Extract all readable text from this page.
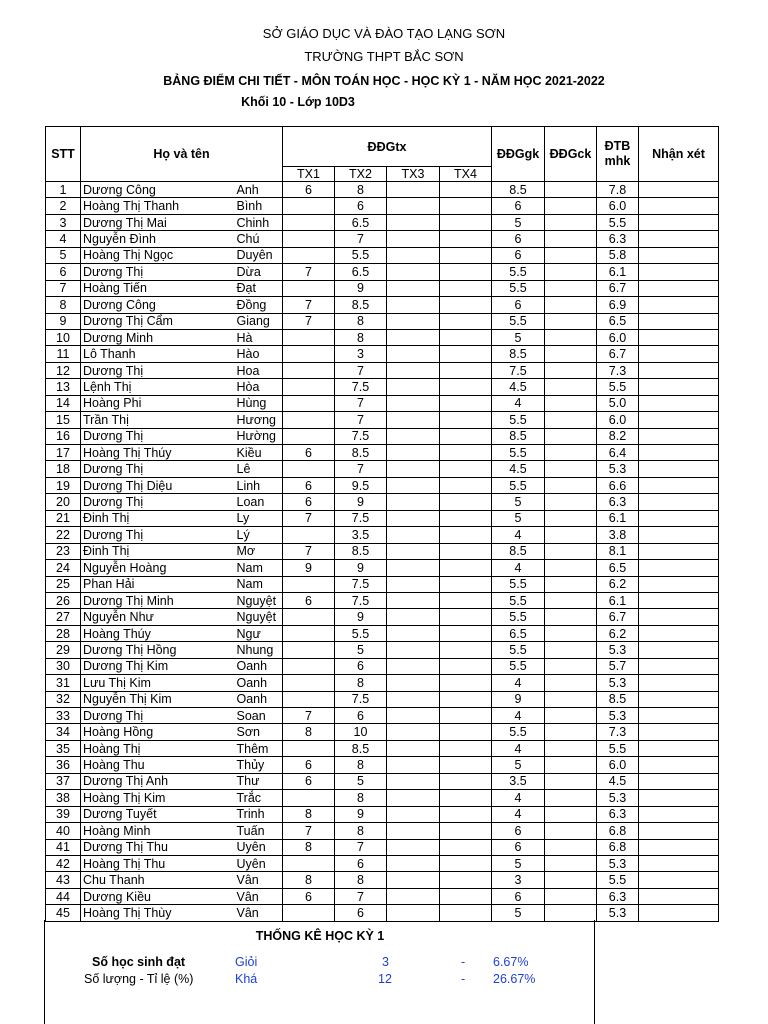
SỞ GIÁO DỤC VÀ ĐÀO TẠO LẠNG SƠN
TRƯỜNG THPT BẮC SƠN
BẢNG ĐIỂM CHI TIẾT - MÔN TOÁN HỌC - HỌC KỲ 1 - NĂM HỌC 2021-2022
Khối 10 - Lớp 10D3
STT	Họ và tên		ĐĐGtx				ĐĐGgk	ĐĐGck	ĐTB mhk	Nhận xét
			TX1	TX2	TX3	TX4				
1	Dương Công	Anh	6	8			8.5		7.8	
2	Hoàng Thị Thanh	Bình		6			6		6.0	
3	Dương Thị Mai	Chinh		6.5			5		5.5	
4	Nguyễn Đình	Chú		7			6		6.3	
5	Hoàng Thị Ngọc	Duyên		5.5			6		5.8	
6	Dương Thị	Dừa	7	6.5			5.5		6.1	
7	Hoàng Tiến	Đạt		9			5.5		6.7	
8	Dương Công	Đồng	7	8.5			6		6.9	
9	Dương Thị Cẩm	Giang	7	8			5.5		6.5	
10	Dương Minh	Hà		8			5		6.0	
11	Lô Thanh	Hào		3			8.5		6.7	
12	Dương Thị	Hoa		7			7.5		7.3	
13	Lệnh Thị	Hòa		7.5			4.5		5.5	
14	Hoàng Phi	Hùng		7			4		5.0	
15	Trần Thị	Hương		7			5.5		6.0	
16	Dương Thị	Hường		7.5			8.5		8.2	
17	Hoàng Thị Thúy	Kiều	6	8.5			5.5		6.4	
18	Dương Thị	Lê		7			4.5		5.3	
19	Dương Thị Diệu	Linh	6	9.5			5.5		6.6	
20	Dương Thị	Loan	6	9			5		6.3	
21	Đinh Thị	Ly	7	7.5			5		6.1	
22	Dương Thị	Lý		3.5			4		3.8	
23	Đinh Thị	Mơ	7	8.5			8.5		8.1	
24	Nguyễn Hoàng	Nam	9	9			4		6.5	
25	Phan Hải	Nam		7.5			5.5		6.2	
26	Dương Thị Minh	Nguyệt	6	7.5			5.5		6.1	
27	Nguyễn Như	Nguyệt		9			5.5		6.7	
28	Hoàng Thúy	Ngư		5.5			6.5		6.2	
29	Dương Thị Hồng	Nhung		5			5.5		5.3	
30	Dương Thị Kim	Oanh		6			5.5		5.7	
31	Lưu Thị Kim	Oanh		8			4		5.3	
32	Nguyễn Thị Kim	Oanh		7.5			9		8.5	
33	Dương Thị	Soan	7	6			4		5.3	
34	Hoàng Hồng	Sơn	8	10			5.5		7.3	
35	Hoàng Thị	Thêm		8.5			4		5.5	
36	Hoàng Thu	Thủy	6	8			5		6.0	
37	Dương Thị Anh	Thư	6	5			3.5		4.5	
38	Hoàng Thị Kim	Trắc		8			4		5.3	
39	Dương Tuyết	Trinh	8	9			4		6.3	
40	Hoàng Minh	Tuấn	7	8			6		6.8	
41	Dương Thị Thu	Uyên	8	7			6		6.8	
42	Hoàng Thị Thu	Uyên		6			5		5.3	
43	Chu Thanh	Vân	8	8			3		5.5	
44	Dương Kiều	Vân	6	7			6		6.3	
45	Hoàng Thị Thùy	Vân		6			5		5.3	
THỐNG KÊ HỌC KỲ 1
Số học sinh đạt	Giỏi	3	- 6.67%
Số lượng - Tỉ lệ (%)	Khá	12	- 26.67%
